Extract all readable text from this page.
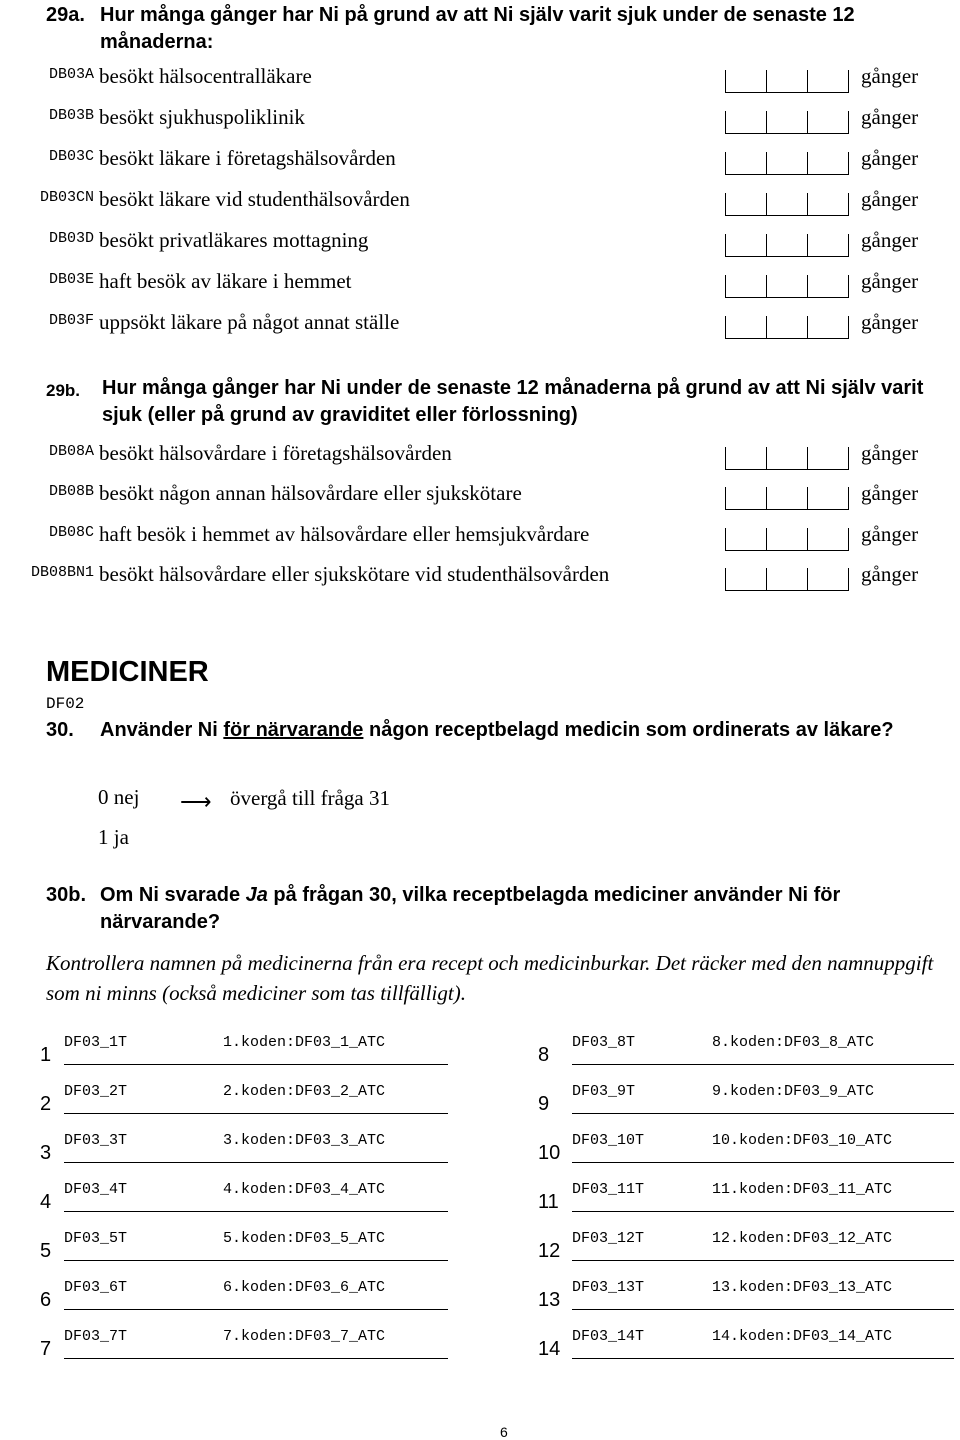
29a. Hur många gånger har Ni på grund av att Ni själv varit sjuk under de senaste 12 månaderna:
DB03A besökt hälsocentralläkare	gånger
DB03B besökt sjukhuspoliklinik	gånger
DB03C besökt läkare i företagshälsovården	gånger
DB03CN besökt läkare vid studenthälsovården	gånger
DB03D besökt privatläkares mottagning	gånger
DB03E haft besök av läkare i hemmet	gånger
DB03F uppsökt läkare på något annat ställe	gånger
29b.	Hur många gånger har Ni under de senaste 12 månaderna på grund av att Ni själv varit sjuk (eller på grund av graviditet eller förlossning)
DB08A besökt hälsovårdare i företagshälsovården	gånger
DB08B besökt någon annan hälsovårdare eller sjukskötare	gånger
DB08C haft besök i hemmet av hälsovårdare eller hemsjukvårdare	gånger
DB08BN1 besökt hälsovårdare eller sjukskötare vid studenthälsovården	gånger
MEDICINER
DF02
30.	Använder Ni för närvarande någon receptbelagd medicin som ordinerats av läkare?
0 nej ⟶ övergå till fråga 31
1 ja
30b. Om Ni svarade Ja på frågan 30, vilka receptbelagda mediciner använder Ni för närvarande?
Kontrollera namnen på medicinerna från era recept och medicinburkar. Det räcker med den namnuppgift som ni minns (också mediciner som tas tillfälligt).
1
DF03_1T	1.koden:DF03_1_ATC
2
DF03_2T	2.koden:DF03_2_ATC
3
DF03_3T	3.koden:DF03_3_ATC
4
DF03_4T	4.koden:DF03_4_ATC
5
DF03_5T	5.koden:DF03_5_ATC
6
DF03_6T	6.koden:DF03_6_ATC
7
DF03_7T	7.koden:DF03_7_ATC
8
DF03_8T	8.koden:DF03_8_ATC
9
DF03_9T	9.koden:DF03_9_ATC
10
DF03_10T	10.koden:DF03_10_ATC
11
DF03_11T	11.koden:DF03_11_ATC
12
DF03_12T	12.koden:DF03_12_ATC
13
DF03_13T	13.koden:DF03_13_ATC
14
DF03_14T	14.koden:DF03_14_ATC
6
